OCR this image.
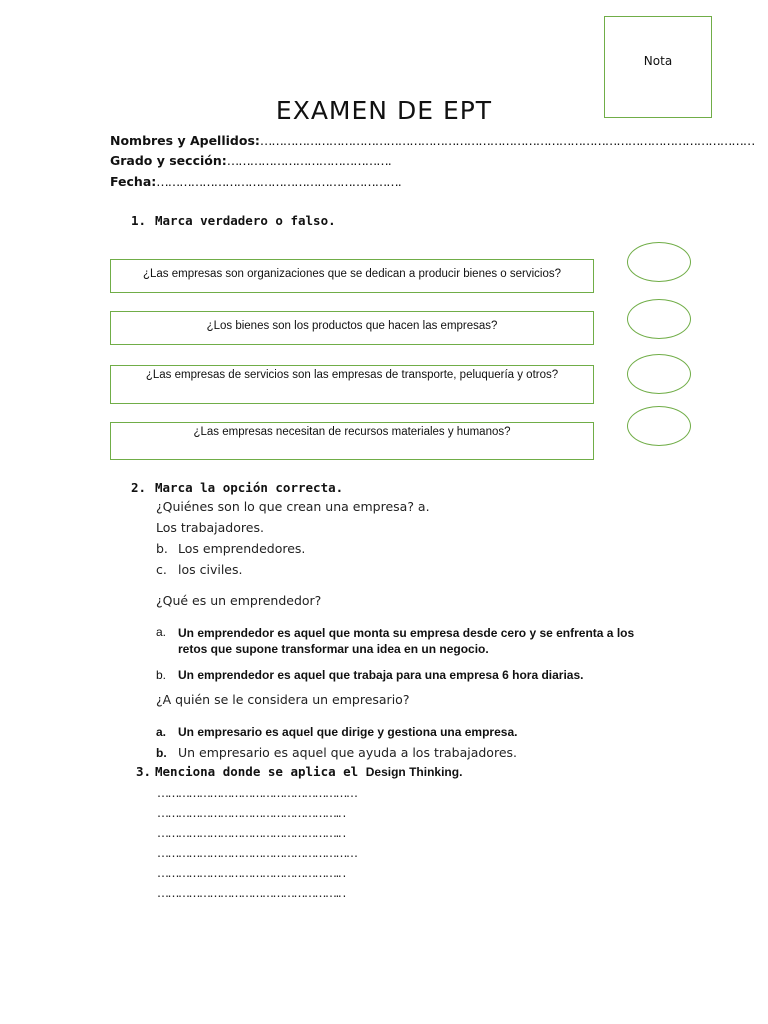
Nota
EXAMEN DE EPT
Nombres y Apellidos:…………………………………………………………………………………………………………………
Grado y sección:…………………………………….
Fecha:……………………………………………………….
1. Marca verdadero o falso.
¿Las empresas son organizaciones que se dedican a producir bienes o servicios?
¿Los bienes son los productos que hacen las empresas?
¿Las empresas de servicios son las empresas de transporte, peluquería y otros?
¿Las empresas necesitan de recursos materiales y humanos?
2. Marca la opción correcta.
¿Quiénes son lo que crean una empresa? a.
Los trabajadores.
b. Los emprendedores.
c. los civiles.
¿Qué es un emprendedor?
a. Un emprendedor es aquel que monta su empresa desde cero y se enfrenta a los retos que supone transformar una idea en un negocio.
b. Un emprendedor es aquel que trabaja para una empresa 6 hora diarias.
¿A quién se le considera un empresario?
a. Un empresario es aquel que dirige y gestiona una empresa.
b. Un empresario es aquel que ayuda a los trabajadores.
3. Menciona donde se aplica el Design Thinking.
…………………………………………………
…………………………………………….. .
…………………………………………….. .
…………………………………………………
…………………………………………….. .
…………………………………………….. .
